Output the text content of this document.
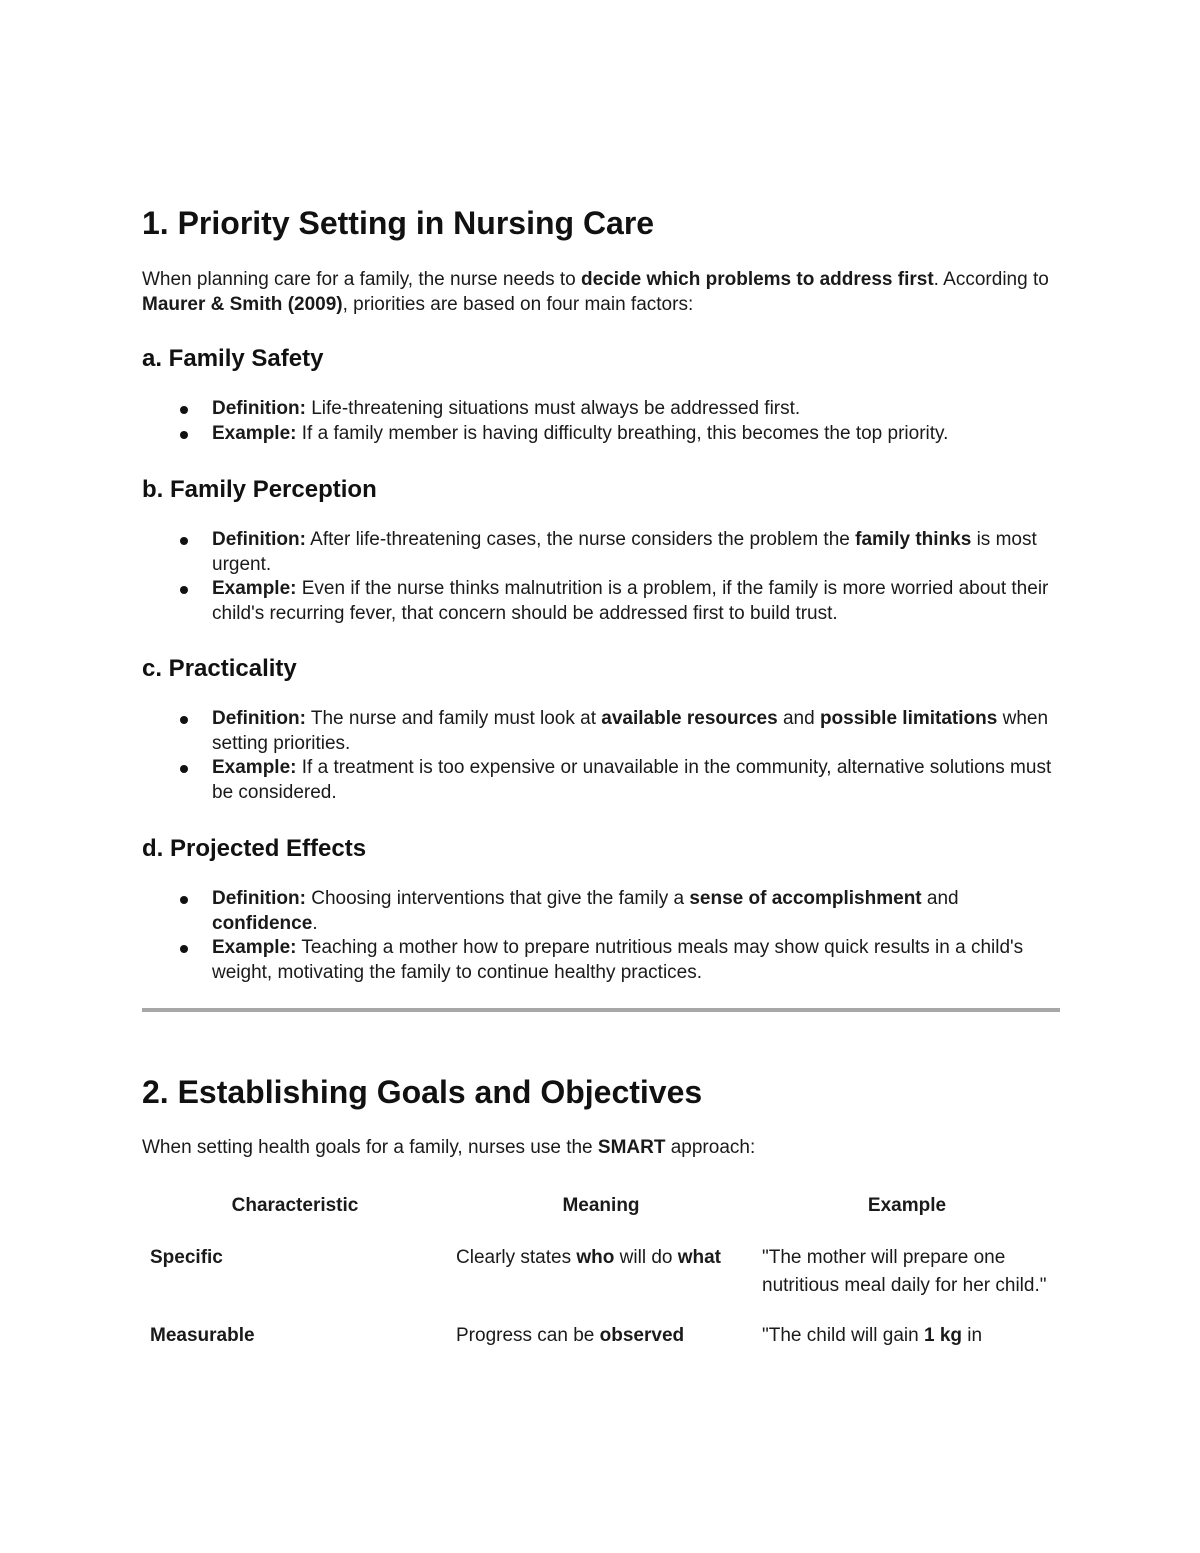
1. Priority Setting in Nursing Care

When planning care for a family, the nurse needs to decide which problems to address first. According to Maurer & Smith (2009), priorities are based on four main factors:

a. Family Safety
Definition: Life-threatening situations must always be addressed first.
Example: If a family member is having difficulty breathing, this becomes the top priority.
b. Family Perception
Definition: After life-threatening cases, the nurse considers the problem the family thinks is most urgent.
Example: Even if the nurse thinks malnutrition is a problem, if the family is more worried about their child's recurring fever, that concern should be addressed first to build trust.
c. Practicality
Definition: The nurse and family must look at available resources and possible limitations when setting priorities.
Example: If a treatment is too expensive or unavailable in the community, alternative solutions must be considered.
d. Projected Effects
Definition: Choosing interventions that give the family a sense of accomplishment and confidence.
Example: Teaching a mother how to prepare nutritious meals may show quick results in a child's weight, motivating the family to continue healthy practices.
2. Establishing Goals and Objectives

When setting health goals for a family, nurses use the SMART approach:

Characteristic	Meaning	Example
Specific	Clearly states who will do what	"The mother will prepare one nutritious meal daily for her child."
Measurable	Progress can be observed	"The child will gain 1 kg in
